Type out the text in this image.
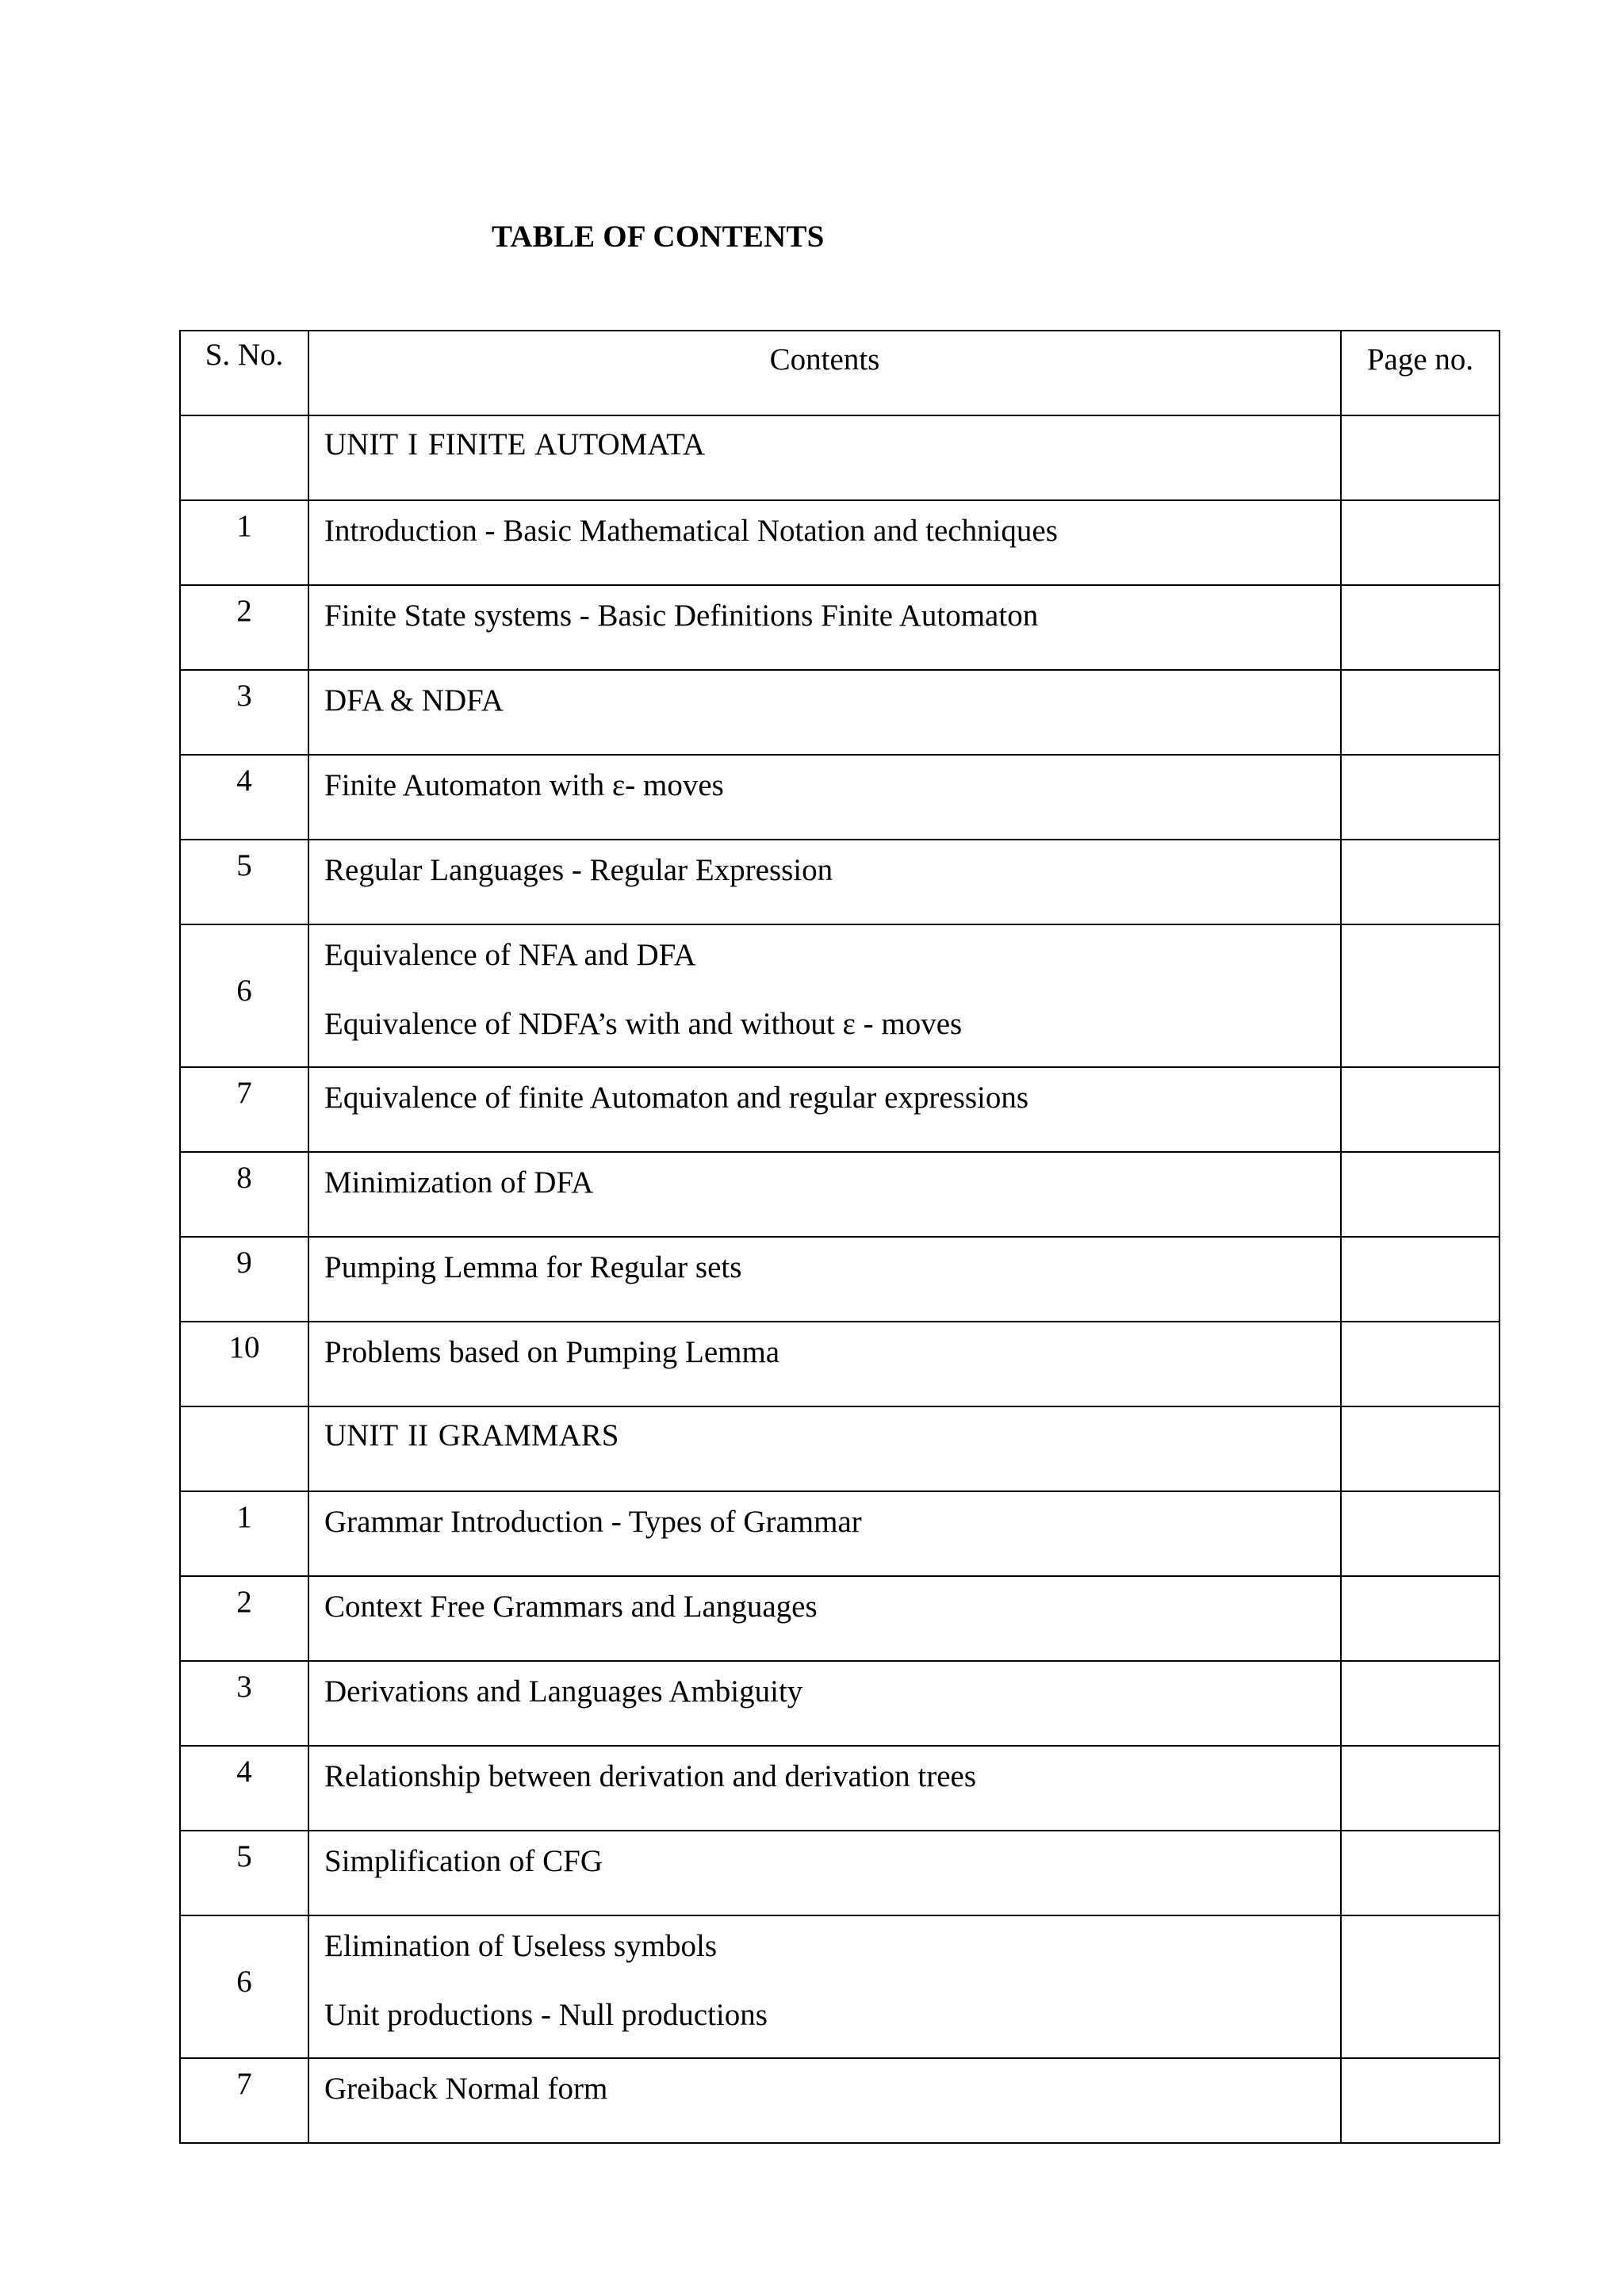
TABLE OF CONTENTS
S. No.	Contents	Page no.
	UNIT I FINITE AUTOMATA	
1	Introduction - Basic Mathematical Notation and techniques	
2	Finite State systems - Basic Definitions Finite Automaton	
3	DFA & NDFA	
4	Finite Automaton with ε- moves	
5	Regular Languages - Regular Expression	
6	Equivalence of NFA and DFA
Equivalence of NDFA’s with and without ε - moves	

7	Equivalence of finite Automaton and regular expressions	
8	Minimization of DFA	
9	Pumping Lemma for Regular sets	
10	Problems based on Pumping Lemma	
	UNIT II GRAMMARS	
1	Grammar Introduction - Types of Grammar	
2	Context Free Grammars and Languages	
3	Derivations and Languages Ambiguity	
4	Relationship between derivation and derivation trees	
5	Simplification of CFG	
6	Elimination of Useless symbols
Unit productions - Null productions	

7	Greiback Normal form	
